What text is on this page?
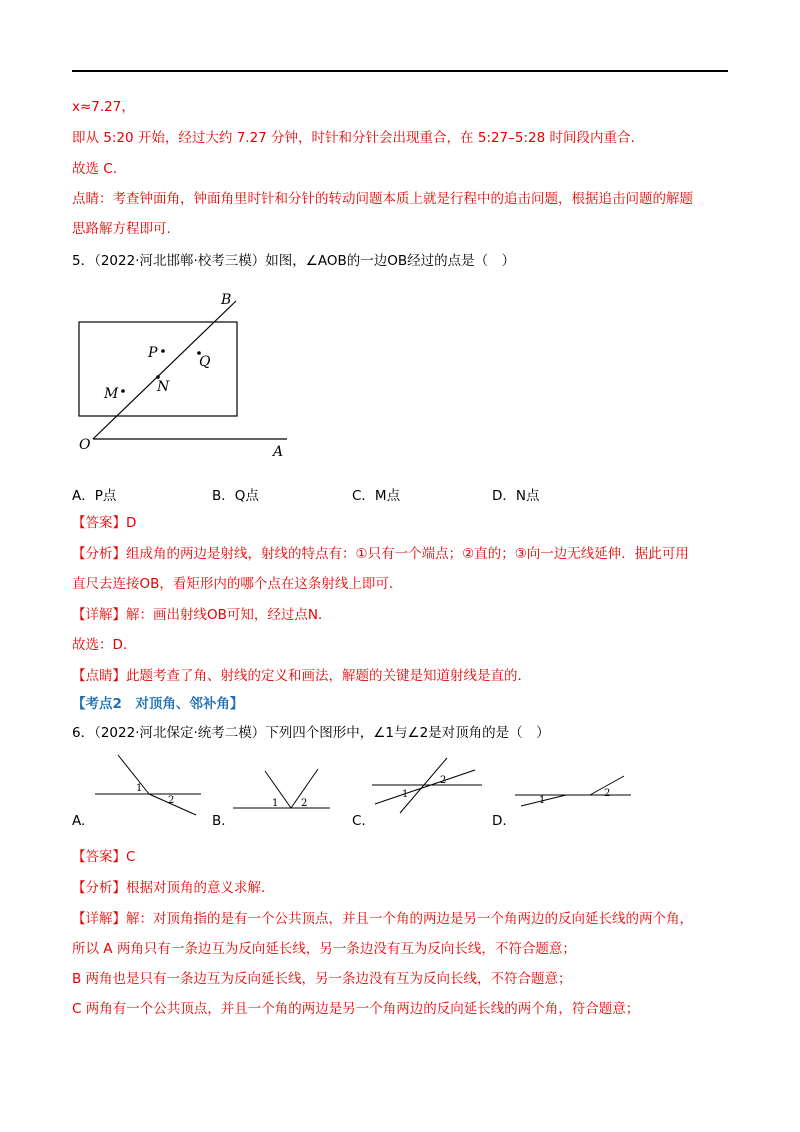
x≈7.27，
即从 5:20 开始，经过大约 7.27 分钟，时针和分针会出现重合，在 5:27–5:28 时间段内重合.
故选 C.
点睛：考查钟面角，钟面角里时针和分针的转动问题本质上就是行程中的追击问题，根据追击问题的解题
思路解方程即可.
5．（2022·河北邯郸·校考三模）如图，∠AOB的一边OB经过的点是（　）
B
P
Q
N
M
O	A
A．P点	B．Q点	C．M点	D．N点
【答案】D
【分析】组成角的两边是射线，射线的特点有：①只有一个端点；②直的；③向一边无线延伸．据此可用
直尺去连接OB，看矩形内的哪个点在这条射线上即可．
【详解】解：画出射线OB可知，经过点N．
故选：D．
【点睛】此题考查了角、射线的定义和画法，解题的关键是知道射线是直的．
【考点2　对顶角、邻补角】
6．（2022·河北保定·统考二模）下列四个图形中，∠1与∠2是对顶角的是（　）
1
2	1 2
1
2
1
2
A.	B.	C.	D.
【答案】C
【分析】根据对顶角的意义求解．
【详解】解：对顶角指的是有一个公共顶点，并且一个角的两边是另一个角两边的反向延长线的两个角，
所以 A 两角只有一条边互为反向延长线，另一条边没有互为反向长线，不符合题意；
B 两角也是只有一条边互为反向延长线，另一条边没有互为反向长线，不符合题意；
C 两角有一个公共顶点，并且一个角的两边是另一个角两边的反向延长线的两个角，符合题意；
